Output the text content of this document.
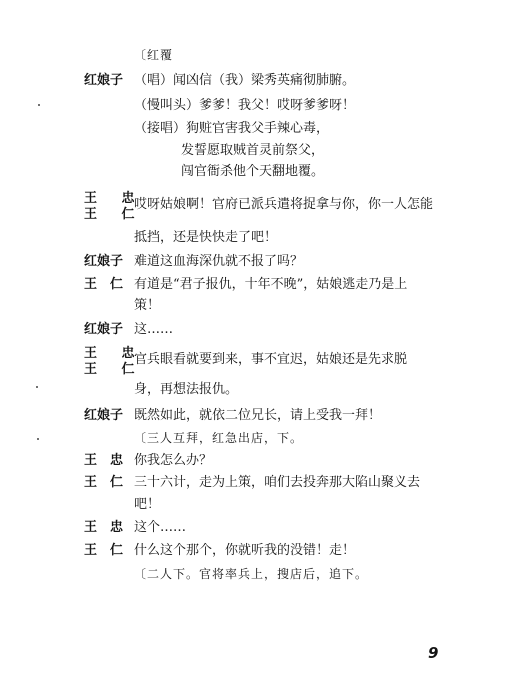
〔红覆
红娘子 （唱）闻凶信（我）梁秀英痛彻肺腑。
（慢叫头）爹爹！我父！哎呀爹爹呀！
（接唱）狗赃官害我父手辣心毒，
发誓愿取贼首灵前祭父，
闯官衙杀他个天翻地覆。
王 忠
王 仁
哎呀姑娘啊！官府已派兵遣将捉拿与你，你一人怎能
抵挡，还是快快走了吧！
红娘子 难道这血海深仇就不报了吗？
王　仁 有道是“君子报仇，十年不晚”，姑娘逃走乃是上
策！
红娘子 这……
王 忠
王 仁
官兵眼看就要到来，事不宜迟，姑娘还是先求脱
身，再想法报仇。
红娘子 既然如此，就依二位兄长，请上受我一拜！
〔三人互拜，红急出店，下。
王　忠 你我怎么办？
王　仁 三十六计，走为上策，咱们去投奔那大陷山聚义去
吧！
王　忠 这个……
王　仁 什么这个那个，你就听我的没错！走！
〔二人下。官将率兵上，搜店后，追下。
9
